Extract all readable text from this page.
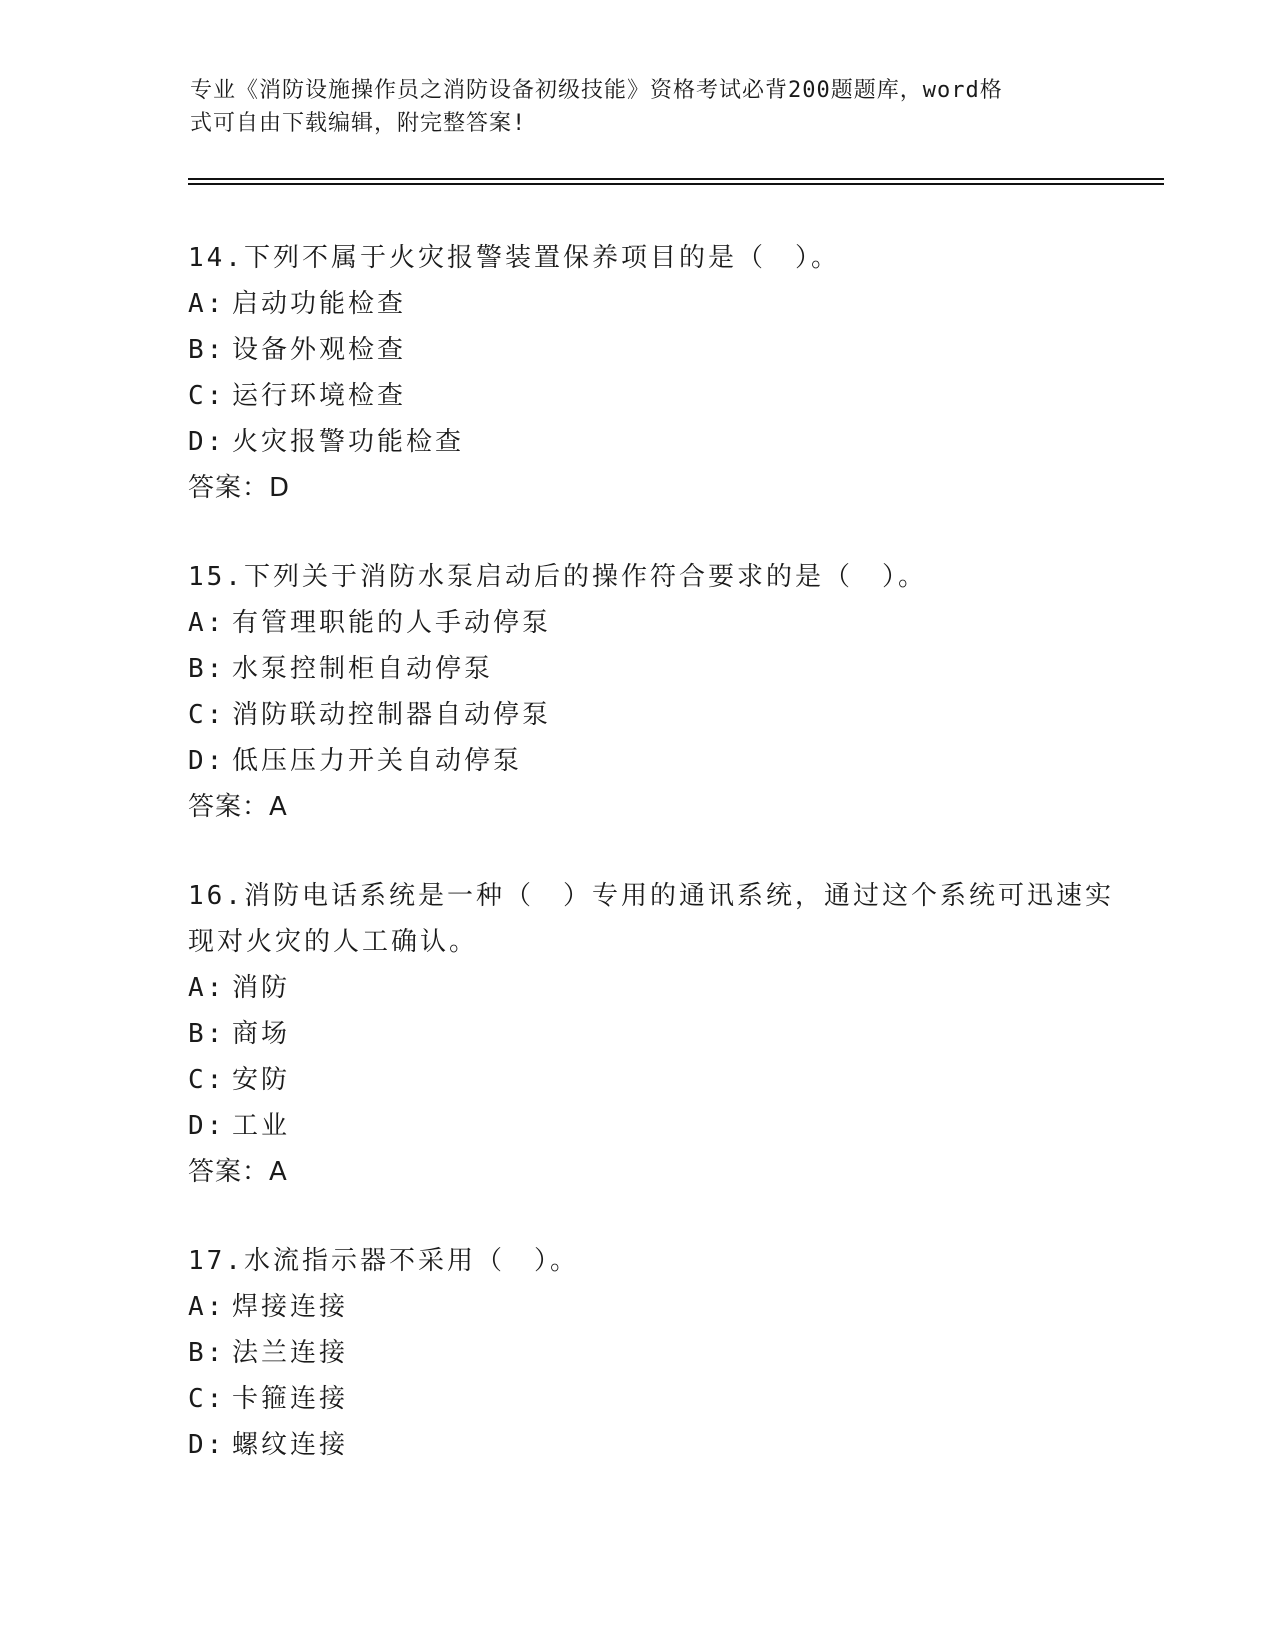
专业《消防设施操作员之消防设备初级技能》资格考试必背200题题库，word格
式可自由下载编辑，附完整答案!

14.下列不属于火灾报警装置保养项目的是（　）。

A: 启动功能检查
B: 设备外观检查
C: 运行环境检查
D: 火灾报警功能检查
答案：D

15.下列关于消防水泵启动后的操作符合要求的是（　）。

A: 有管理职能的人手动停泵
B: 水泵控制柜自动停泵
C: 消防联动控制器自动停泵
D: 低压压力开关自动停泵
答案：A

16.消防电话系统是一种（　）专用的通讯系统，通过这个系统可迅速实现对火灾的人工确认。

A: 消防
B: 商场
C: 安防
D: 工业
答案：A

17.水流指示器不采用（　）。

A: 焊接连接
B: 法兰连接
C: 卡箍连接
D: 螺纹连接
